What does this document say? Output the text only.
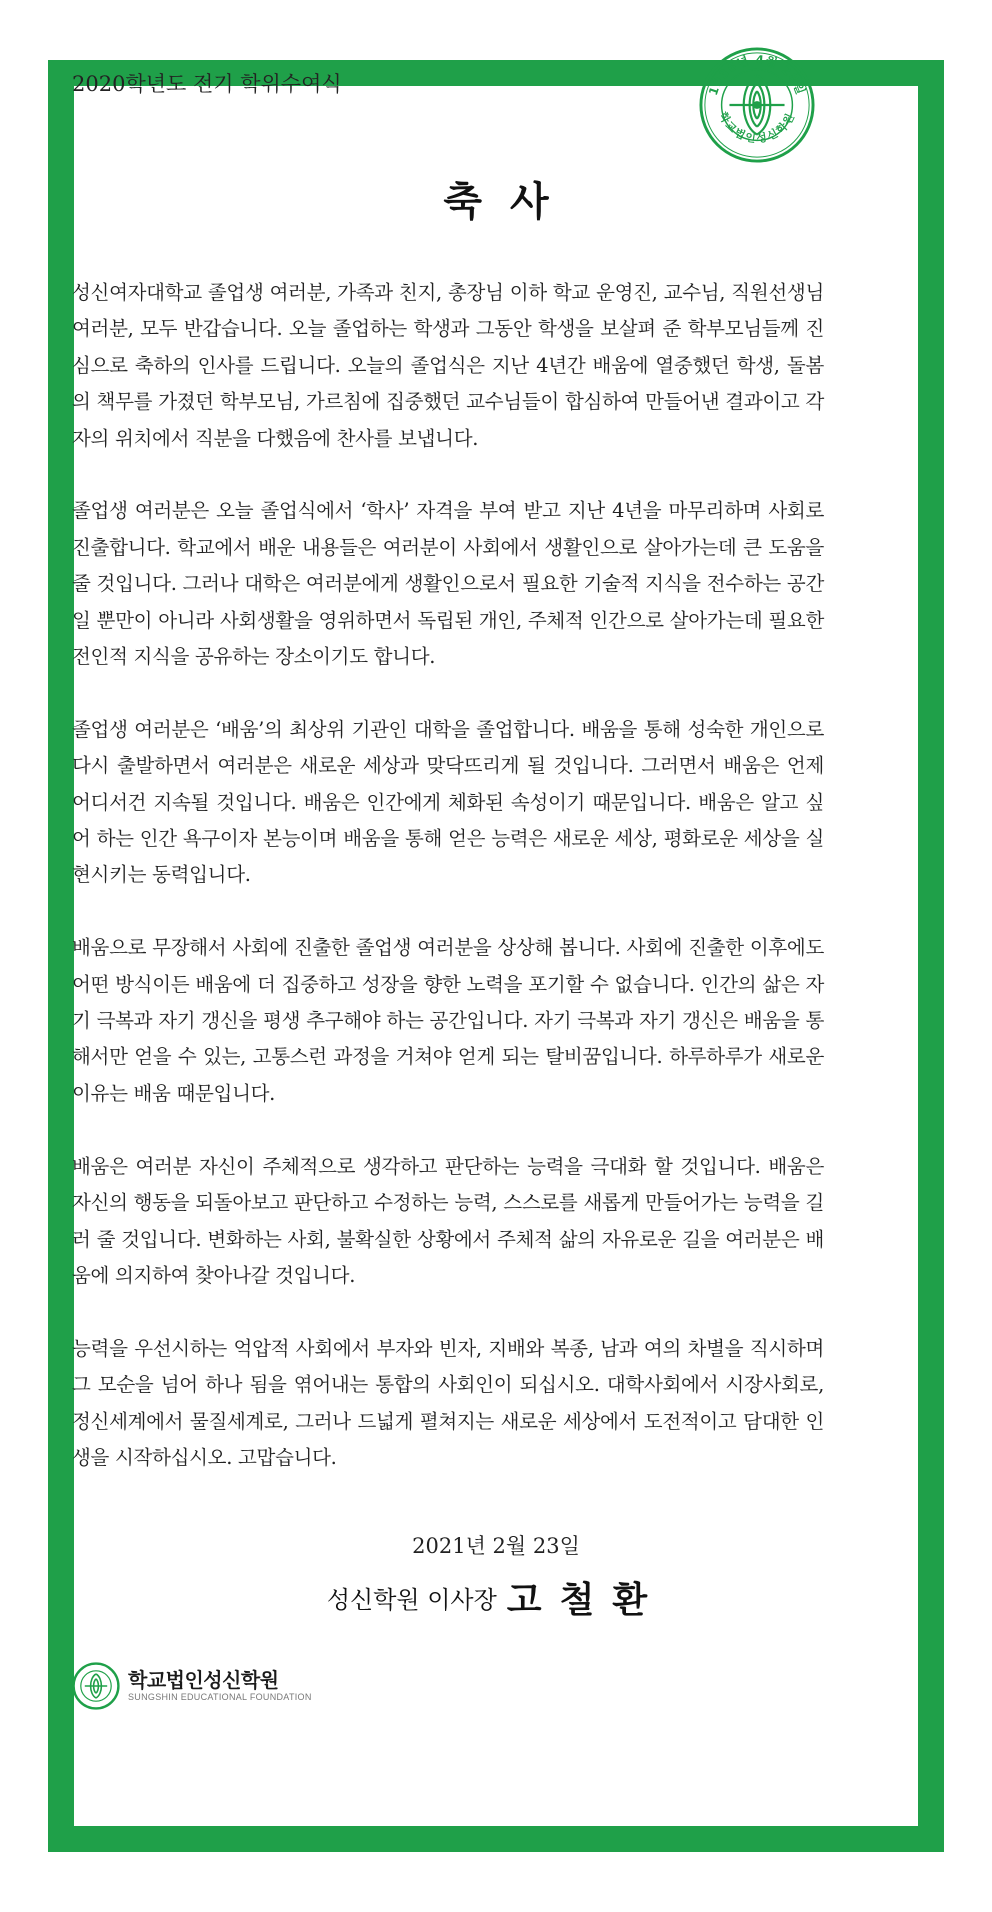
2020학년도 전기 학위수여식	1936년 4월 28일
학교법인성신학원
축사

성신여자대학교 졸업생 여러분, 가족과 친지, 총장님 이하 학교 운영진, 교수님, 직원선생님 여러분, 모두 반갑습니다. 오늘 졸업하는 학생과 그동안 학생을 보살펴 준 학부모님들께 진심으로 축하의 인사를 드립니다. 오늘의 졸업식은 지난 4년간 배움에 열중했던 학생, 돌봄의 책무를 가졌던 학부모님, 가르침에 집중했던 교수님들이 합심하여 만들어낸 결과이고 각자의 위치에서 직분을 다했음에 찬사를 보냅니다.

졸업생 여러분은 오늘 졸업식에서 ‘학사’ 자격을 부여 받고 지난 4년을 마무리하며 사회로 진출합니다. 학교에서 배운 내용들은 여러분이 사회에서 생활인으로 살아가는데 큰 도움을 줄 것입니다. 그러나 대학은 여러분에게 생활인으로서 필요한 기술적 지식을 전수하는 공간일 뿐만이 아니라 사회생활을 영위하면서 독립된 개인, 주체적 인간으로 살아가는데 필요한 전인적 지식을 공유하는 장소이기도 합니다.

졸업생 여러분은 ‘배움’의 최상위 기관인 대학을 졸업합니다. 배움을 통해 성숙한 개인으로 다시 출발하면서 여러분은 새로운 세상과 맞닥뜨리게 될 것입니다. 그러면서 배움은 언제 어디서건 지속될 것입니다. 배움은 인간에게 체화된 속성이기 때문입니다. 배움은 알고 싶어 하는 인간 욕구이자 본능이며 배움을 통해 얻은 능력은 새로운 세상, 평화로운 세상을 실현시키는 동력입니다.

배움으로 무장해서 사회에 진출한 졸업생 여러분을 상상해 봅니다. 사회에 진출한 이후에도 어떤 방식이든 배움에 더 집중하고 성장을 향한 노력을 포기할 수 없습니다. 인간의 삶은 자기 극복과 자기 갱신을 평생 추구해야 하는 공간입니다. 자기 극복과 자기 갱신은 배움을 통해서만 얻을 수 있는, 고통스런 과정을 거쳐야 얻게 되는 탈비꿈입니다. 하루하루가 새로운 이유는 배움 때문입니다.

배움은 여러분 자신이 주체적으로 생각하고 판단하는 능력을 극대화 할 것입니다. 배움은 자신의 행동을 되돌아보고 판단하고 수정하는 능력, 스스로를 새롭게 만들어가는 능력을 길러 줄 것입니다. 변화하는 사회, 불확실한 상황에서 주체적 삶의 자유로운 길을 여러분은 배움에 의지하여 찾아나갈 것입니다.

능력을 우선시하는 억압적 사회에서 부자와 빈자, 지배와 복종, 남과 여의 차별을 직시하며 그 모순을 넘어 하나 됨을 엮어내는 통합의 사회인이 되십시오. 대학사회에서 시장사회로, 정신세계에서 물질세계로, 그러나 드넓게 펼쳐지는 새로운 세상에서 도전적이고 담대한 인생을 시작하십시오. 고맙습니다.

2021년 2월 23일
성신학원 이사장 고철환
학교법인성신학원
SUNGSHIN EDUCATIONAL FOUNDATION
